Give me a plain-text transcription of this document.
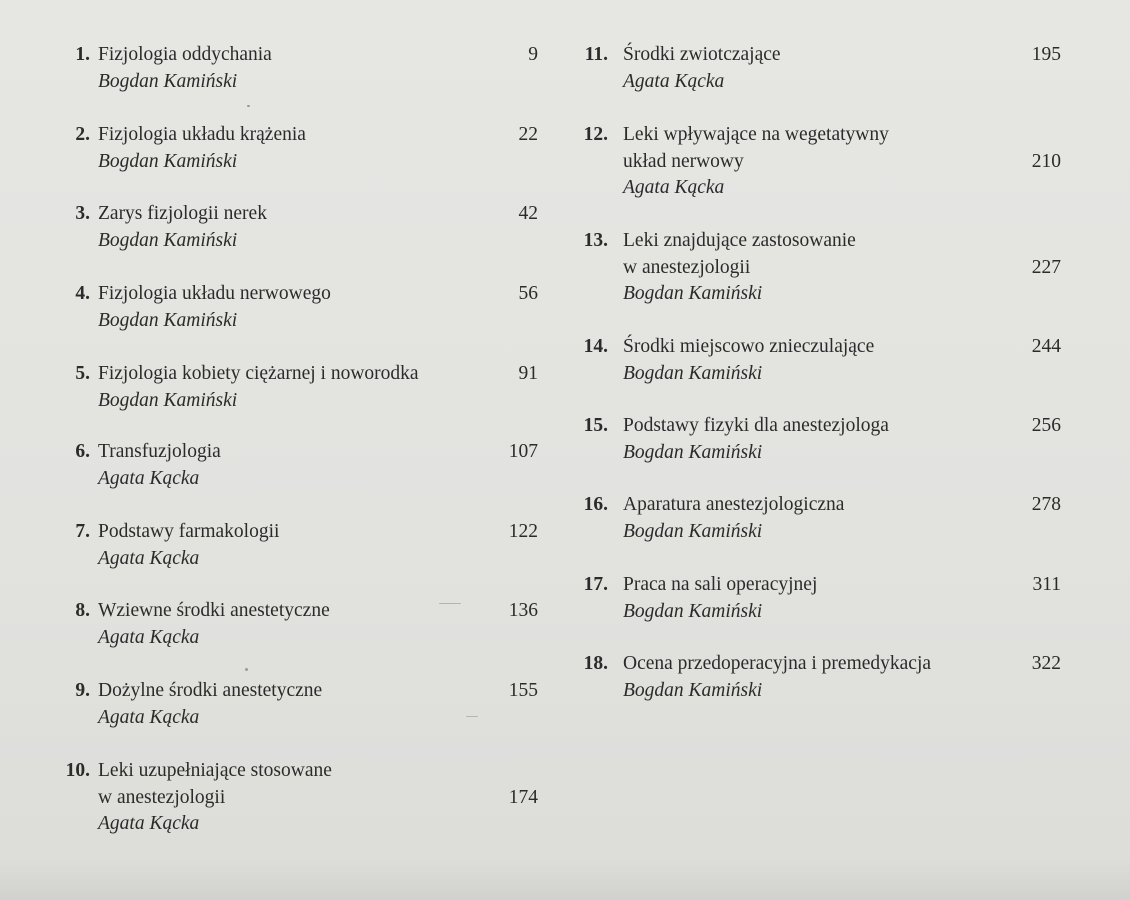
1. Fizjologia oddychania	9
Bogdan Kamiński
2. Fizjologia układu krążenia	22
Bogdan Kamiński
3. Zarys fizjologii nerek	42
Bogdan Kamiński
4. Fizjologia układu nerwowego	56
Bogdan Kamiński
5. Fizjologia kobiety ciężarnej i noworodka	91
Bogdan Kamiński
6. Transfuzjologia	107
Agata Kącka
7. Podstawy farmakologii	122
Agata Kącka
8. Wziewne środki anestetyczne	136
Agata Kącka
9. Dożylne środki anestetyczne	155
Agata Kącka
10. Leki uzupełniające stosowane
w anestezjologii	174
Agata Kącka
11. Środki zwiotczające	195
Agata Kącka
12. Leki wpływające na wegetatywny
układ nerwowy	210
Agata Kącka
13. Leki znajdujące zastosowanie
w anestezjologii	227
Bogdan Kamiński
14. Środki miejscowo znieczulające	244
Bogdan Kamiński
15. Podstawy fizyki dla anestezjologa	256
Bogdan Kamiński
16. Aparatura anestezjologiczna	278
Bogdan Kamiński
17. Praca na sali operacyjnej	311
Bogdan Kamiński
18. Ocena przedoperacyjna i premedykacja	322
Bogdan Kamiński
